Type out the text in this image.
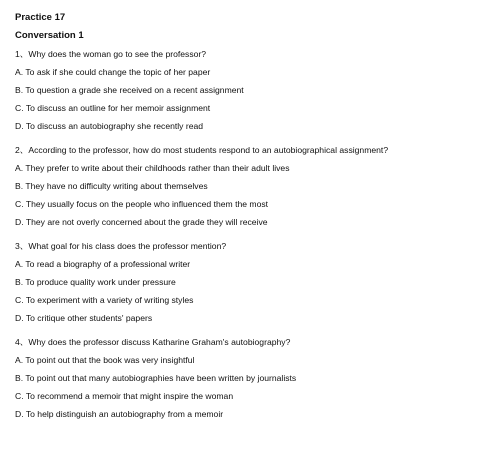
Practice 17
Conversation 1
1、Why does the woman go to see the professor?
A. To ask if she could change the topic of her paper
B. To question a grade she received on a recent assignment
C. To discuss an outline for her memoir assignment
D. To discuss an autobiography she recently read
2、According to the professor, how do most students respond to an autobiographical assignment?
A. They prefer to write about their childhoods rather than their adult lives
B. They have no difficulty writing about themselves
C. They usually focus on the people who influenced them the most
D. They are not overly concerned about the grade they will receive
3、What goal for his class does the professor mention?
A. To read a biography of a professional writer
B. To produce quality work under pressure
C. To experiment with a variety of writing styles
D. To critique other students' papers
4、Why does the professor discuss Katharine Graham's autobiography?
A. To point out that the book was very insightful
B. To point out that many autobiographies have been written by journalists
C. To recommend a memoir that might inspire the woman
D. To help distinguish an autobiography from a memoir
